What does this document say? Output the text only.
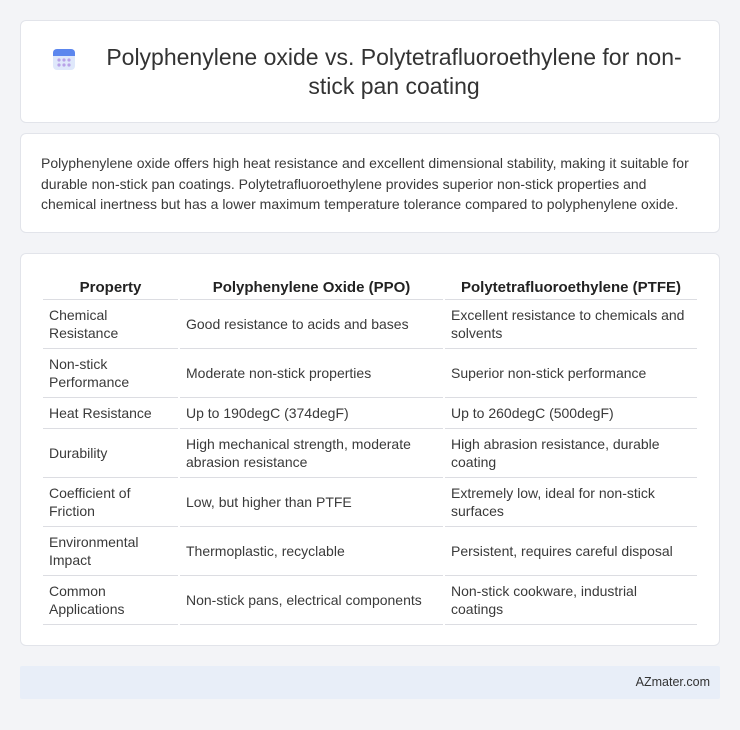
Polyphenylene oxide vs. Polytetrafluoroethylene for non-stick pan coating

Polyphenylene oxide offers high heat resistance and excellent dimensional stability, making it suitable for durable non-stick pan coatings. Polytetrafluoroethylene provides superior non-stick properties and chemical inertness but has a lower maximum temperature tolerance compared to polyphenylene oxide.

Property	Polyphenylene Oxide (PPO)	Polytetrafluoroethylene (PTFE)
Chemical Resistance	Good resistance to acids and bases	Excellent resistance to chemicals and solvents
Non-stick Performance	Moderate non-stick properties	Superior non-stick performance
Heat Resistance	Up to 190degC (374degF)	Up to 260degC (500degF)
Durability	High mechanical strength, moderate abrasion resistance	High abrasion resistance, durable coating
Coefficient of Friction	Low, but higher than PTFE	Extremely low, ideal for non-stick surfaces
Environmental Impact	Thermoplastic, recyclable	Persistent, requires careful disposal
Common Applications	Non-stick pans, electrical components	Non-stick cookware, industrial coatings
AZmater.com
